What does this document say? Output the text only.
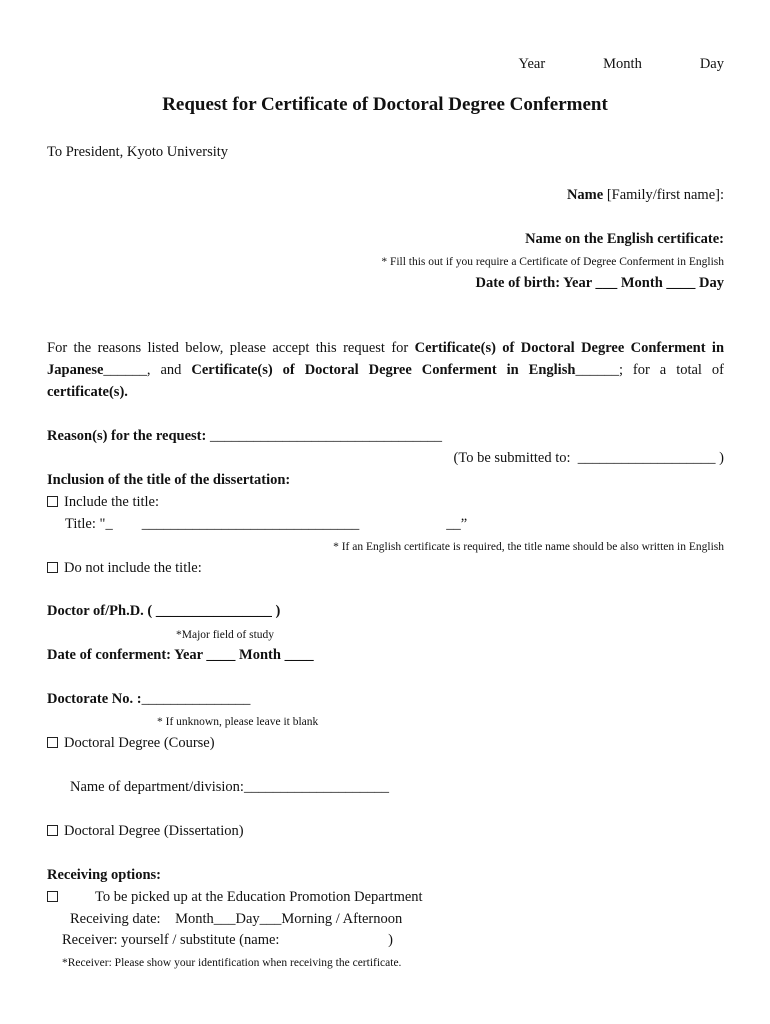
Year　　　　Month　　　　Day
Request for Certificate of Doctoral Degree Conferment
To President, Kyoto University
Name [Family/first name]:
Name on the English certificate:
* Fill this out if you require a Certificate of Degree Conferment in English
Date of birth: Year ___ Month ____ Day
For the reasons listed below, please accept this request for Certificate(s) of Doctoral Degree Conferment in Japanese______, and Certificate(s) of Doctoral Degree Conferment in English______; for a total of certificate(s).
Reason(s) for the request: ________________________________
(To be submitted to:  ___________________ )
Inclusion of the title of the dissertation:
Include the title:
Title: "_　　______________________________　　　　　　__”
* If an English certificate is required, the title name should be also written in English
Do not include the title:
Doctor of/Ph.D. ( ________________ )
*Major field of study
Date of conferment: Year ____ Month ____
Doctorate No. :_______________
* If unknown, please leave it blank
Doctoral Degree (Course)
Name of department/division:____________________
Doctoral Degree (Dissertation)
Receiving options:
To be picked up at the Education Promotion Department
Receiving date:　Month___Day___Morning / Afternoon
Receiver: yourself / substitute (name:                              )
*Receiver: Please show your identification when receiving the certificate.
